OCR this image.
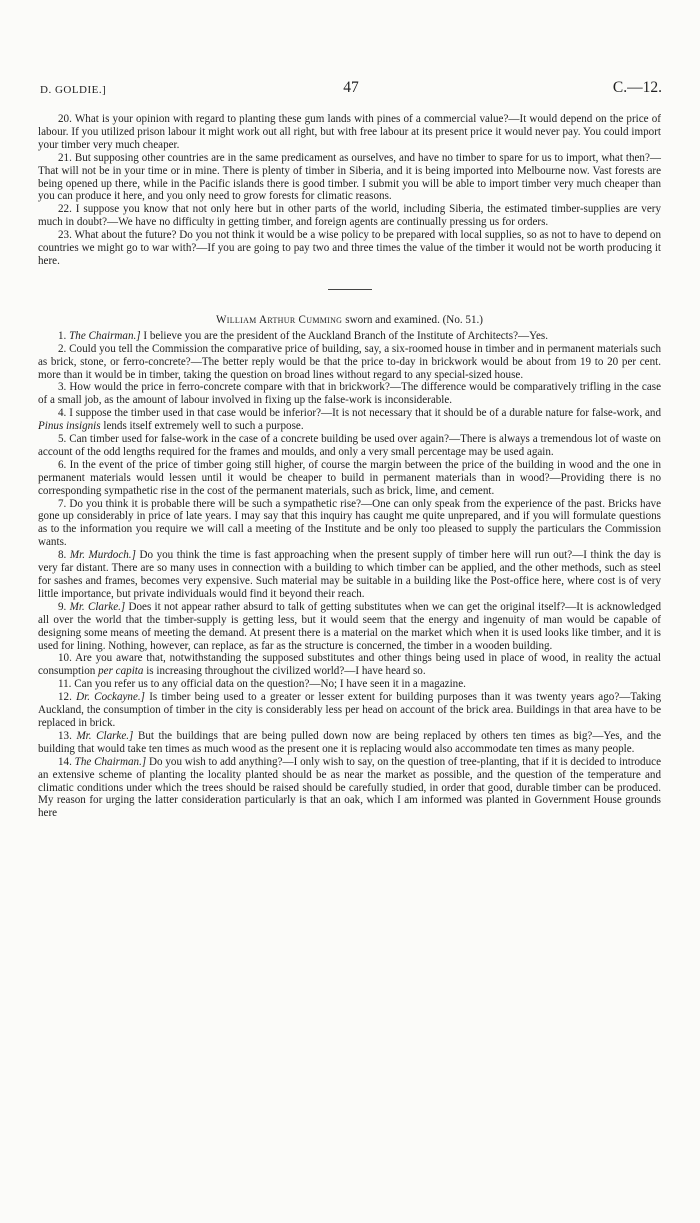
D. GOLDIE.]	47	C.—12.

20. What is your opinion with regard to planting these gum lands with pines of a commercial value?—It would depend on the price of labour. If you utilized prison labour it might work out all right, but with free labour at its present price it would never pay. You could import your timber very much cheaper.

21. But supposing other countries are in the same predicament as ourselves, and have no timber to spare for us to import, what then?—That will not be in your time or in mine. There is plenty of timber in Siberia, and it is being imported into Melbourne now. Vast forests are being opened up there, while in the Pacific islands there is good timber. I submit you will be able to import timber very much cheaper than you can produce it here, and you only need to grow forests for climatic reasons.

22. I suppose you know that not only here but in other parts of the world, including Siberia, the estimated timber-supplies are very much in doubt?—We have no difficulty in getting timber, and foreign agents are continually pressing us for orders.

23. What about the future? Do you not think it would be a wise policy to be prepared with local supplies, so as not to have to depend on countries we might go to war with?—If you are going to pay two and three times the value of the timber it would not be worth producing it here.

William Arthur Cumming sworn and examined. (No. 51.)

1. The Chairman.] I believe you are the president of the Auckland Branch of the Institute of Architects?—Yes.

2. Could you tell the Commission the comparative price of building, say, a six-roomed house in timber and in permanent materials such as brick, stone, or ferro-concrete?—The better reply would be that the price to-day in brickwork would be about from 19 to 20 per cent. more than it would be in timber, taking the question on broad lines without regard to any special-sized house.

3. How would the price in ferro-concrete compare with that in brickwork?—The difference would be comparatively trifling in the case of a small job, as the amount of labour involved in fixing up the false-work is inconsiderable.

4. I suppose the timber used in that case would be inferior?—It is not necessary that it should be of a durable nature for false-work, and Pinus insignis lends itself extremely well to such a purpose.

5. Can timber used for false-work in the case of a concrete building be used over again?—There is always a tremendous lot of waste on account of the odd lengths required for the frames and moulds, and only a very small percentage may be used again.

6. In the event of the price of timber going still higher, of course the margin between the price of the building in wood and the one in permanent materials would lessen until it would be cheaper to build in permanent materials than in wood?—Providing there is no corresponding sympathetic rise in the cost of the permanent materials, such as brick, lime, and cement.

7. Do you think it is probable there will be such a sympathetic rise?—One can only speak from the experience of the past. Bricks have gone up considerably in price of late years. I may say that this inquiry has caught me quite unprepared, and if you will formulate questions as to the information you require we will call a meeting of the Institute and be only too pleased to supply the particulars the Commission wants.

8. Mr. Murdoch.] Do you think the time is fast approaching when the present supply of timber here will run out?—I think the day is very far distant. There are so many uses in connection with a building to which timber can be applied, and the other methods, such as steel for sashes and frames, becomes very expensive. Such material may be suitable in a building like the Post-office here, where cost is of very little importance, but private individuals would find it beyond their reach.

9. Mr. Clarke.] Does it not appear rather absurd to talk of getting substitutes when we can get the original itself?—It is acknowledged all over the world that the timber-supply is getting less, but it would seem that the energy and ingenuity of man would be capable of designing some means of meeting the demand. At present there is a material on the market which when it is used looks like timber, and it is used for lining. Nothing, however, can replace, as far as the structure is concerned, the timber in a wooden building.

10. Are you aware that, notwithstanding the supposed substitutes and other things being used in place of wood, in reality the actual consumption per capita is increasing throughout the civilized world?—I have heard so.

11. Can you refer us to any official data on the question?—No; I have seen it in a magazine.

12. Dr. Cockayne.] Is timber being used to a greater or lesser extent for building purposes than it was twenty years ago?—Taking Auckland, the consumption of timber in the city is considerably less per head on account of the brick area. Buildings in that area have to be replaced in brick.

13. Mr. Clarke.] But the buildings that are being pulled down now are being replaced by others ten times as big?—Yes, and the building that would take ten times as much wood as the present one it is replacing would also accommodate ten times as many people.

14. The Chairman.] Do you wish to add anything?—I only wish to say, on the question of tree-planting, that if it is decided to introduce an extensive scheme of planting the locality planted should be as near the market as possible, and the question of the temperature and climatic conditions under which the trees should be raised should be carefully studied, in order that good, durable timber can be produced. My reason for urging the latter consideration particularly is that an oak, which I am informed was planted in Government House grounds here
